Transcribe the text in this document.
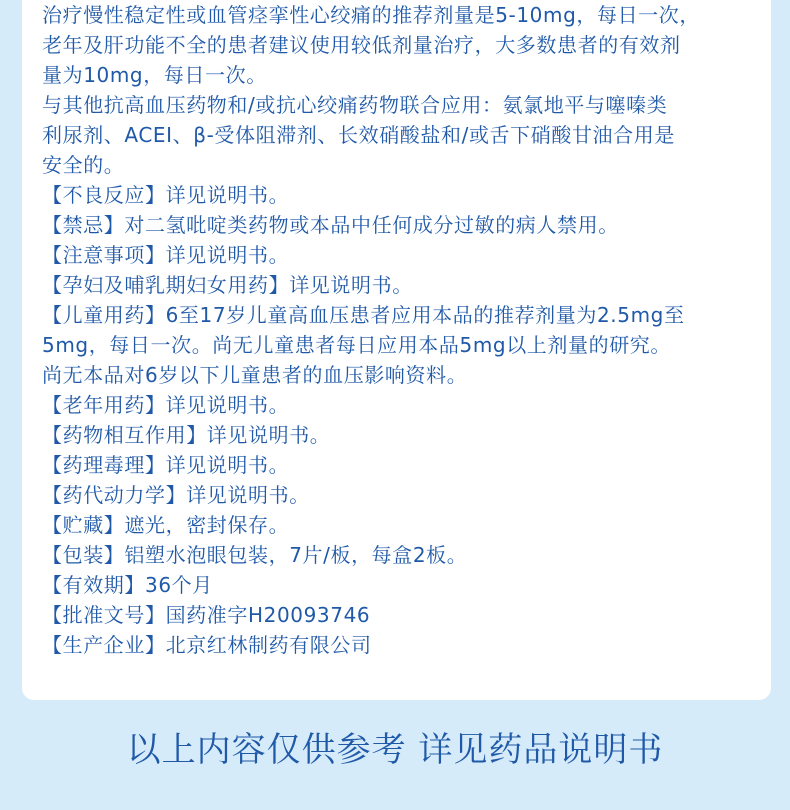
治疗慢性稳定性或血管痉挛性心绞痛的推荐剂量是5-10mg，每日一次，
老年及肝功能不全的患者建议使用较低剂量治疗，大多数患者的有效剂
量为10mg，每日一次。
与其他抗高血压药物和/或抗心绞痛药物联合应用：氨氯地平与噻嗪类
利尿剂、ACEI、β-受体阻滞剂、长效硝酸盐和/或舌下硝酸甘油合用是
安全的。
【不良反应】详见说明书。
【禁忌】对二氢吡啶类药物或本品中任何成分过敏的病人禁用。
【注意事项】详见说明书。
【孕妇及哺乳期妇女用药】详见说明书。
【儿童用药】6至17岁儿童高血压患者应用本品的推荐剂量为2.5mg至
5mg，每日一次。尚无儿童患者每日应用本品5mg以上剂量的研究。
尚无本品对6岁以下儿童患者的血压影响资料。
【老年用药】详见说明书。
【药物相互作用】详见说明书。
【药理毒理】详见说明书。
【药代动力学】详见说明书。
【贮藏】遮光，密封保存。
【包装】铝塑水泡眼包装，7片/板，每盒2板。
【有效期】36个月
【批准文号】国药准字H20093746
【生产企业】北京红林制药有限公司
以上内容仅供参考 详见药品说明书
